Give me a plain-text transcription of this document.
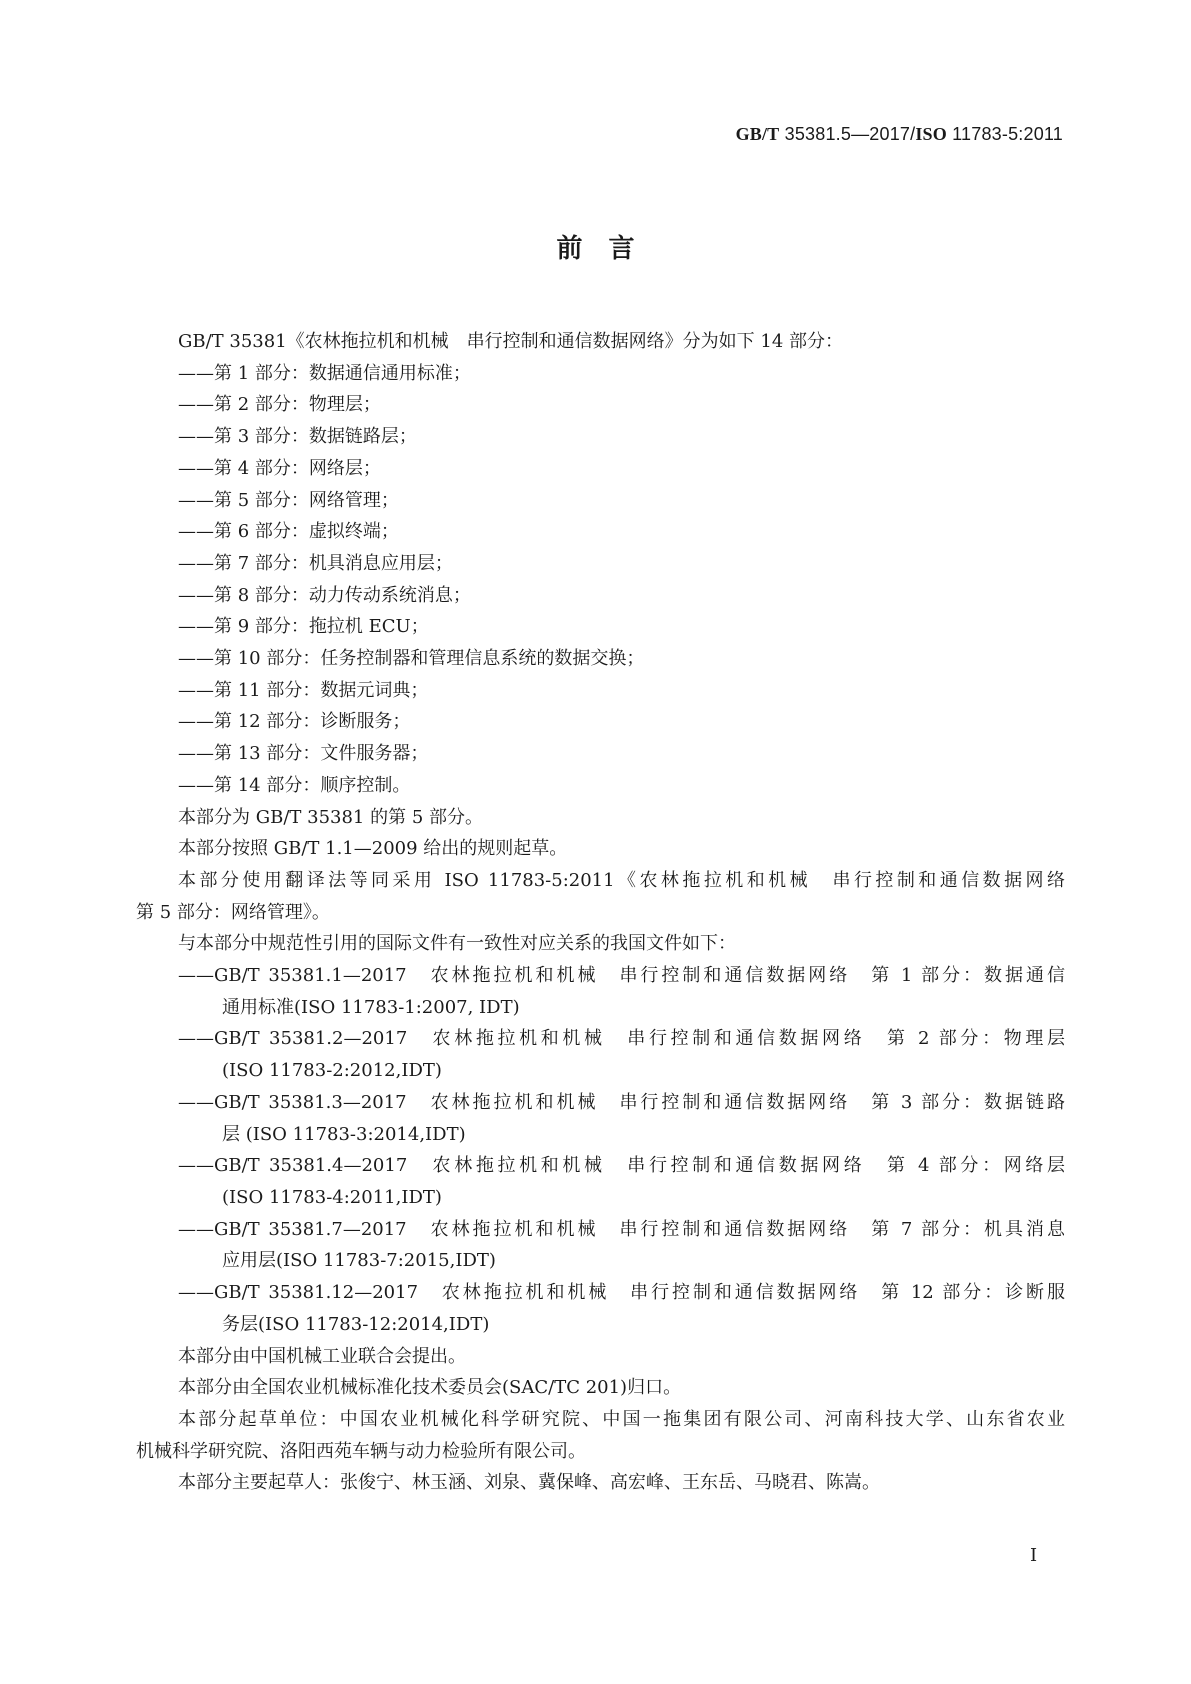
GB/T 35381.5—2017/ISO 11783-5:2011
前言
GB/T 35381《农林拖拉机和机械　串行控制和通信数据网络》分为如下 14 部分：
——第 1 部分：数据通信通用标准；
——第 2 部分：物理层；
——第 3 部分：数据链路层；
——第 4 部分：网络层；
——第 5 部分：网络管理；
——第 6 部分：虚拟终端；
——第 7 部分：机具消息应用层；
——第 8 部分：动力传动系统消息；
——第 9 部分：拖拉机 ECU；
——第 10 部分：任务控制器和管理信息系统的数据交换；
——第 11 部分：数据元词典；
——第 12 部分：诊断服务；
——第 13 部分：文件服务器；
——第 14 部分：顺序控制。
本部分为 GB/T 35381 的第 5 部分。
本部分按照 GB/T 1.1—2009 给出的规则起草。
本部分使用翻译法等同采用 ISO 11783-5:2011《农林拖拉机和机械　串行控制和通信数据网络
第 5 部分：网络管理》。
与本部分中规范性引用的国际文件有一致性对应关系的我国文件如下：
——GB/T 35381.1—2017　农林拖拉机和机械　串行控制和通信数据网络　第 1 部分：数据通信
通用标准(ISO 11783-1:2007, IDT)
——GB/T 35381.2—2017　农林拖拉机和机械　串行控制和通信数据网络　第 2 部分：物理层
(ISO 11783-2:2012,IDT)
——GB/T 35381.3—2017　农林拖拉机和机械　串行控制和通信数据网络　第 3 部分：数据链路
层 (ISO 11783-3:2014,IDT)
——GB/T 35381.4—2017　农林拖拉机和机械　串行控制和通信数据网络　第 4 部分：网络层
(ISO 11783-4:2011,IDT)
——GB/T 35381.7—2017　农林拖拉机和机械　串行控制和通信数据网络　第 7 部分：机具消息
应用层(ISO 11783-7:2015,IDT)
——GB/T 35381.12—2017　农林拖拉机和机械　串行控制和通信数据网络　第 12 部分：诊断服
务层(ISO 11783-12:2014,IDT)
本部分由中国机械工业联合会提出。
本部分由全国农业机械标准化技术委员会(SAC/TC 201)归口。
本部分起草单位：中国农业机械化科学研究院、中国一拖集团有限公司、河南科技大学、山东省农业
机械科学研究院、洛阳西苑车辆与动力检验所有限公司。
本部分主要起草人：张俊宁、林玉涵、刘泉、冀保峰、高宏峰、王东岳、马晓君、陈嵩。
I
